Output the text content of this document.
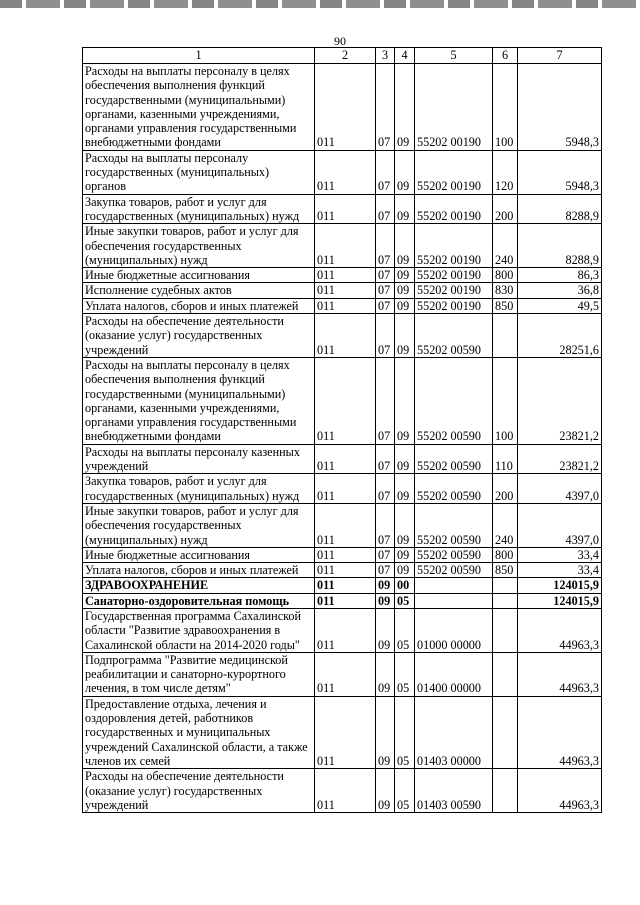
90
1	2	3	4	5	6	7
Расходы на выплаты персоналу в целях обеспечения выполнения функций государственными (муниципальными) органами, казенными учреждениями, органами управления государственными внебюджетными фондами	011	07	09	55202 00190	100	5948,3
Расходы на выплаты персоналу государственных (муниципальных) органов	011	07	09	55202 00190	120	5948,3
Закупка товаров, работ и услуг для государственных (муниципальных) нужд	011	07	09	55202 00190	200	8288,9
Иные закупки товаров, работ и услуг для обеспечения государственных (муниципальных) нужд	011	07	09	55202 00190	240	8288,9
Иные бюджетные ассигнования	011	07	09	55202 00190	800	86,3
Исполнение судебных актов	011	07	09	55202 00190	830	36,8
Уплата налогов, сборов и иных платежей	011	07	09	55202 00190	850	49,5
Расходы на обеспечение деятельности (оказание услуг) государственных учреждений	011	07	09	55202 00590		28251,6
Расходы на выплаты персоналу в целях обеспечения выполнения функций государственными (муниципальными) органами, казенными учреждениями, органами управления государственными внебюджетными фондами	011	07	09	55202 00590	100	23821,2
Расходы на выплаты персоналу казенных учреждений	011	07	09	55202 00590	110	23821,2
Закупка товаров, работ и услуг для государственных (муниципальных) нужд	011	07	09	55202 00590	200	4397,0
Иные закупки товаров, работ и услуг для обеспечения государственных (муниципальных) нужд	011	07	09	55202 00590	240	4397,0
Иные бюджетные ассигнования	011	07	09	55202 00590	800	33,4
Уплата налогов, сборов и иных платежей	011	07	09	55202 00590	850	33,4
ЗДРАВООХРАНЕНИЕ	011	09	00			124015,9
Санаторно-оздоровительная помощь	011	09	05			124015,9
Государственная программа Сахалинской области "Развитие здравоохранения в Сахалинской области на 2014-2020 годы"	011	09	05	01000 00000		44963,3
Подпрограмма "Развитие медицинской реабилитации и санаторно-курортного лечения, в том числе детям"	011	09	05	01400 00000		44963,3
Предоставление отдыха, лечения и оздоровления детей, работников государственных и муниципальных учреждений Сахалинской области, а также членов их семей	011	09	05	01403 00000		44963,3
Расходы на обеспечение деятельности (оказание услуг) государственных учреждений	011	09	05	01403 00590		44963,3
